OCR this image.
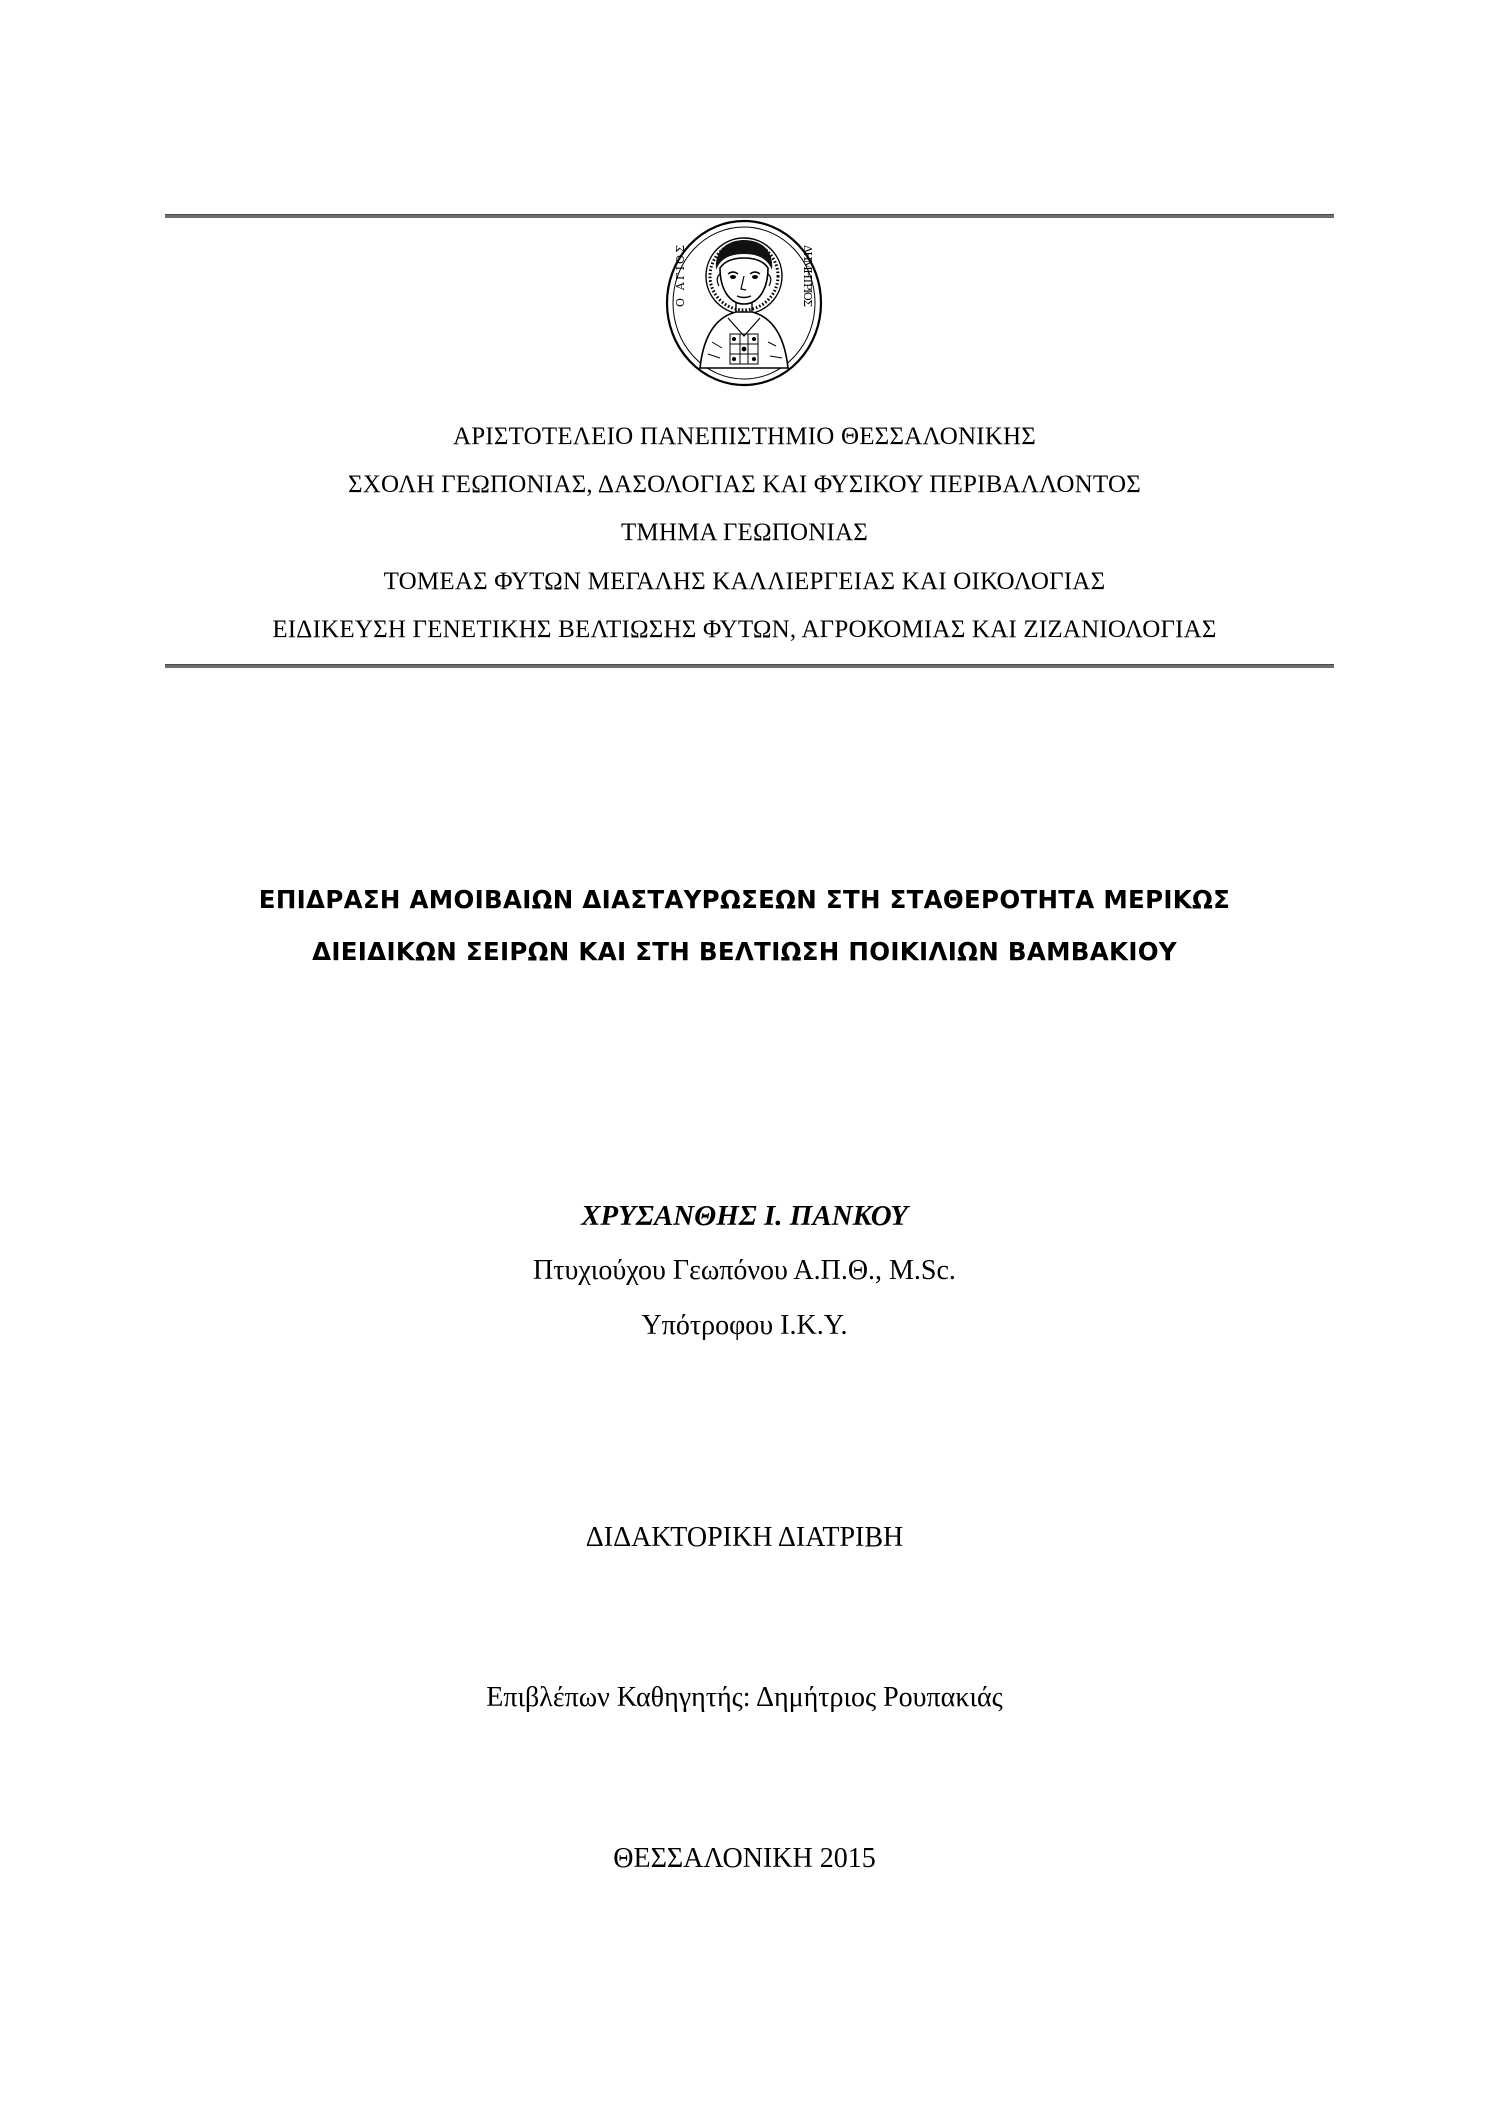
Ο ΑΓΙΟΣ	ΔΗΜΗΤΡΙΟΣ
ΑΡΙΣΤΟΤΕΛΕΙΟ ΠΑΝΕΠΙΣΤΗΜΙΟ ΘΕΣΣΑΛΟΝΙΚΗΣ
ΣΧΟΛΗ ΓΕΩΠΟΝΙΑΣ, ΔΑΣΟΛΟΓΙΑΣ ΚΑΙ ΦΥΣΙΚΟΥ ΠΕΡΙΒΑΛΛΟΝΤΟΣ
ΤΜΗΜΑ ΓΕΩΠΟΝΙΑΣ
ΤΟΜΕΑΣ ΦΥΤΩΝ ΜΕΓΑΛΗΣ ΚΑΛΛΙΕΡΓΕΙΑΣ ΚΑΙ ΟΙΚΟΛΟΓΙΑΣ
ΕΙΔΙΚΕΥΣΗ ΓΕΝΕΤΙΚΗΣ ΒΕΛΤΙΩΣΗΣ ΦΥΤΩΝ, ΑΓΡΟΚΟΜΙΑΣ ΚΑΙ ΖΙΖΑΝΙΟΛΟΓΙΑΣ
ΕΠΙΔΡΑΣΗ ΑΜΟΙΒΑΙΩΝ ΔΙΑΣΤΑΥΡΩΣΕΩΝ ΣΤΗ ΣΤΑΘΕΡΟΤΗΤΑ ΜΕΡΙΚΩΣ
ΔΙΕΙΔΙΚΩΝ ΣΕΙΡΩΝ ΚΑΙ ΣΤΗ ΒΕΛΤΙΩΣΗ ΠΟΙΚΙΛΙΩΝ ΒΑΜΒΑΚΙΟΥ
ΧΡΥΣΑΝΘΗΣ Ι. ΠΑΝΚΟΥ
Πτυχιούχου Γεωπόνου Α.Π.Θ., M.Sc.
Υπότροφου Ι.Κ.Υ.
ΔΙΔΑΚΤΟΡΙΚΗ ΔΙΑΤΡΙΒΗ
Επιβλέπων Καθηγητής: Δημήτριος Ρουπακιάς
ΘΕΣΣΑΛΟΝΙΚΗ 2015
